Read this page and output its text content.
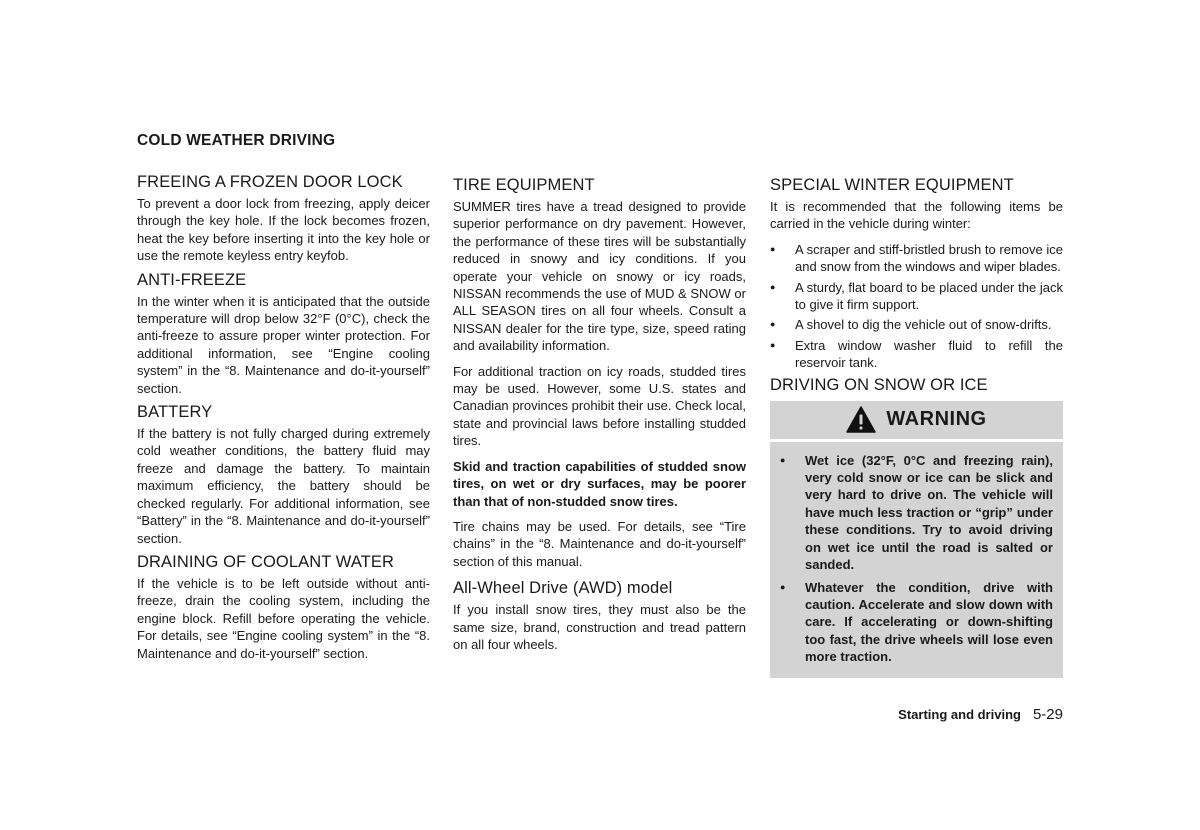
COLD WEATHER DRIVING
FREEING A FROZEN DOOR LOCK

To prevent a door lock from freezing, apply deicer through the key hole. If the lock becomes frozen, heat the key before inserting it into the key hole or use the remote keyless entry keyfob.

ANTI-FREEZE

In the winter when it is anticipated that the outside temperature will drop below 32°F (0°C), check the anti-freeze to assure proper winter protection. For additional information, see “Engine cooling system” in the “8. Maintenance and do-it-yourself” section.

BATTERY

If the battery is not fully charged during extremely cold weather conditions, the battery fluid may freeze and damage the battery. To maintain maximum efficiency, the battery should be checked regularly. For additional information, see “Battery” in the “8. Maintenance and do-it-yourself” section.

DRAINING OF COOLANT WATER

If the vehicle is to be left outside without anti-freeze, drain the cooling system, including the engine block. Refill before operating the vehicle. For details, see “Engine cooling system” in the “8. Maintenance and do-it-yourself” section.

TIRE EQUIPMENT

SUMMER tires have a tread designed to provide superior performance on dry pavement. However, the performance of these tires will be substantially reduced in snowy and icy conditions. If you operate your vehicle on snowy or icy roads, NISSAN recommends the use of MUD & SNOW or ALL SEASON tires on all four wheels. Consult a NISSAN dealer for the tire type, size, speed rating and availability information.

For additional traction on icy roads, studded tires may be used. However, some U.S. states and Canadian provinces prohibit their use. Check local, state and provincial laws before installing studded tires.

Skid and traction capabilities of studded snow tires, on wet or dry surfaces, may be poorer than that of non-studded snow tires.

Tire chains may be used. For details, see “Tire chains” in the “8. Maintenance and do-it-yourself” section of this manual.

All-Wheel Drive (AWD) model

If you install snow tires, they must also be the same size, brand, construction and tread pattern on all four wheels.

SPECIAL WINTER EQUIPMENT

It is recommended that the following items be carried in the vehicle during winter:

● A scraper and stiff-bristled brush to remove ice and snow from the windows and wiper blades.
● A sturdy, flat board to be placed under the jack to give it firm support.
● A shovel to dig the vehicle out of snow-drifts.
● Extra window washer fluid to refill the reservoir tank.
DRIVING ON SNOW OR ICE
WARNING
● Wet ice (32°F, 0°C and freezing rain), very cold snow or ice can be slick and very hard to drive on. The vehicle will have much less traction or “grip” under these conditions. Try to avoid driving on wet ice until the road is salted or sanded.
● Whatever the condition, drive with caution. Accelerate and slow down with care. If accelerating or down-shifting too fast, the drive wheels will lose even more traction.
Starting and driving 5-29
